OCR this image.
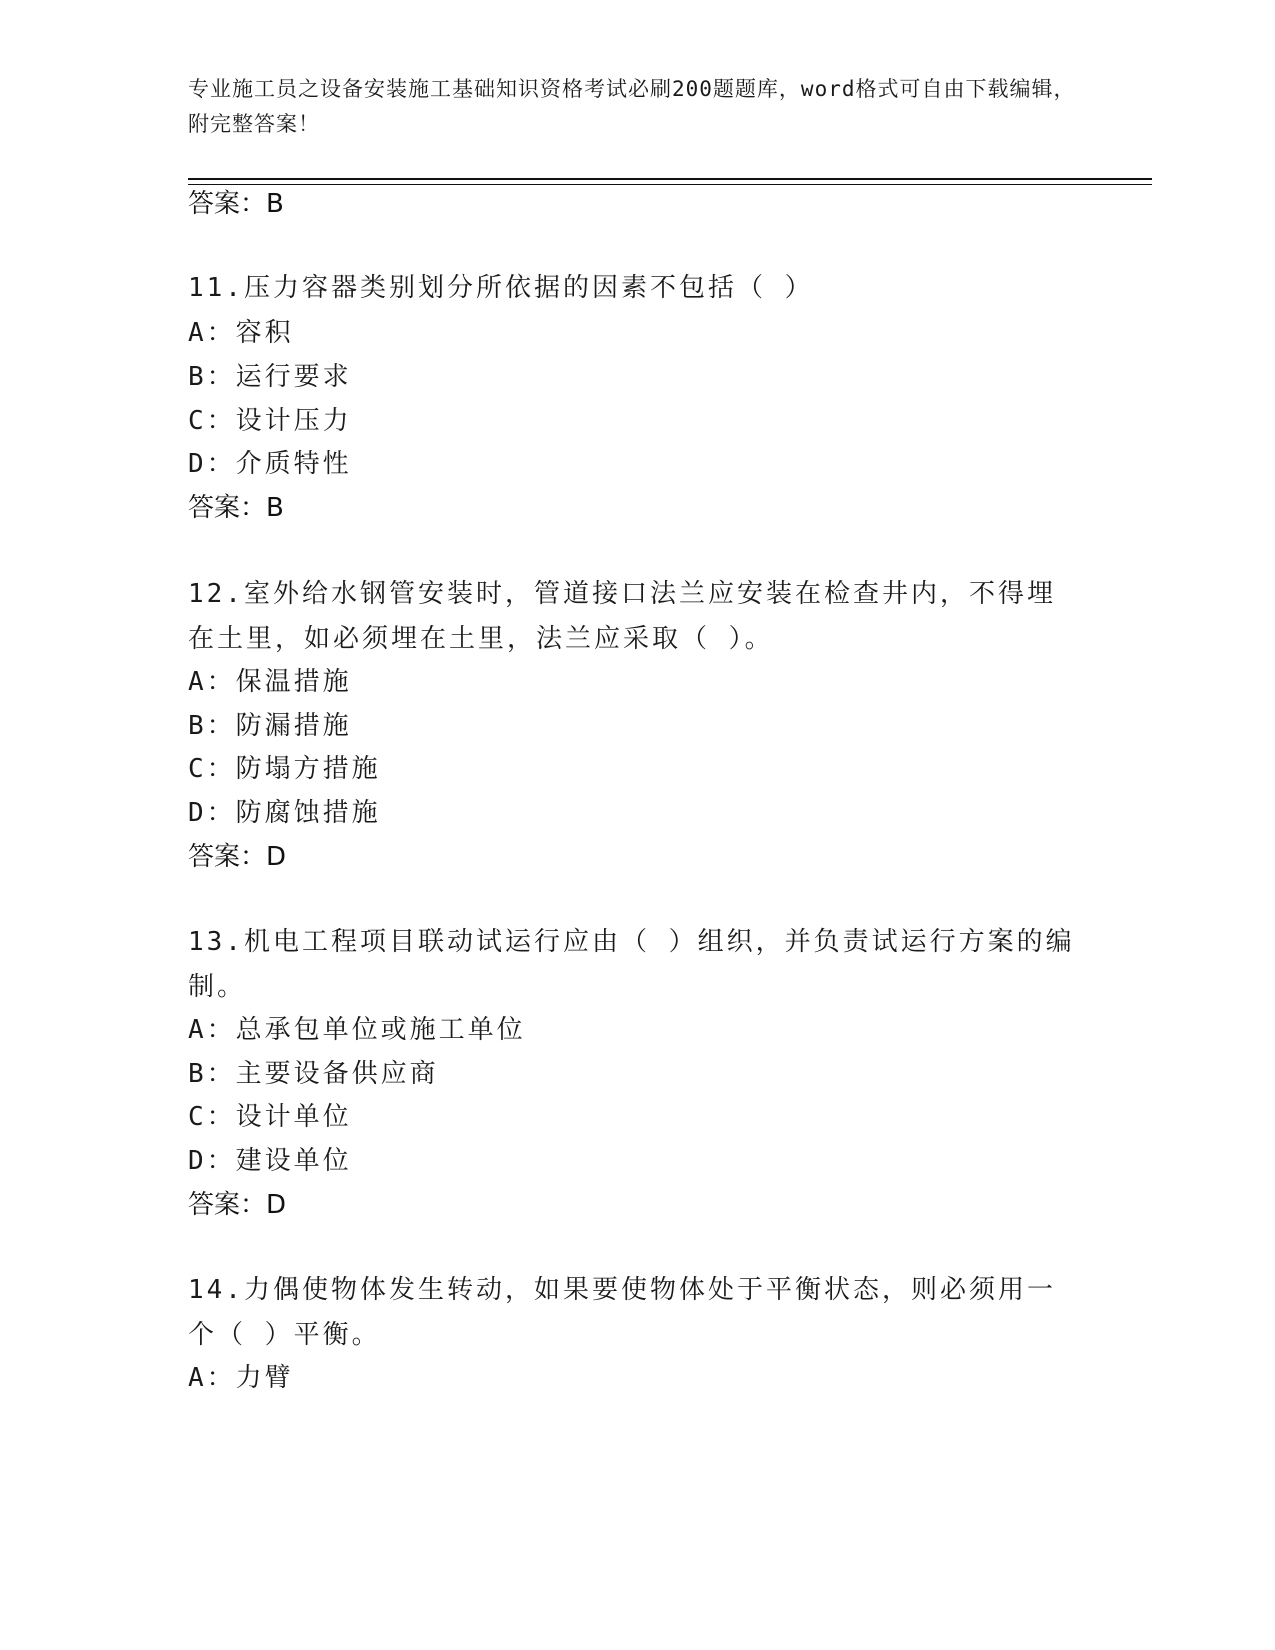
专业施工员之设备安装施工基础知识资格考试必刷200题题库，word格式可自由下载编辑，附完整答案！
答案：B
11.压力容器类别划分所依据的因素不包括（ ）
A：容积
B：运行要求
C：设计压力
D：介质特性
答案：B
12.室外给水钢管安装时，管道接口法兰应安装在检查井内，不得埋在土里，如必须埋在土里，法兰应采取（ ）。
A：保温措施
B：防漏措施
C：防塌方措施
D：防腐蚀措施
答案：D
13.机电工程项目联动试运行应由（ ）组织，并负责试运行方案的编制。
A：总承包单位或施工单位
B：主要设备供应商
C：设计单位
D：建设单位
答案：D
14.力偶使物体发生转动，如果要使物体处于平衡状态，则必须用一个（ ）平衡。
A：力臂
